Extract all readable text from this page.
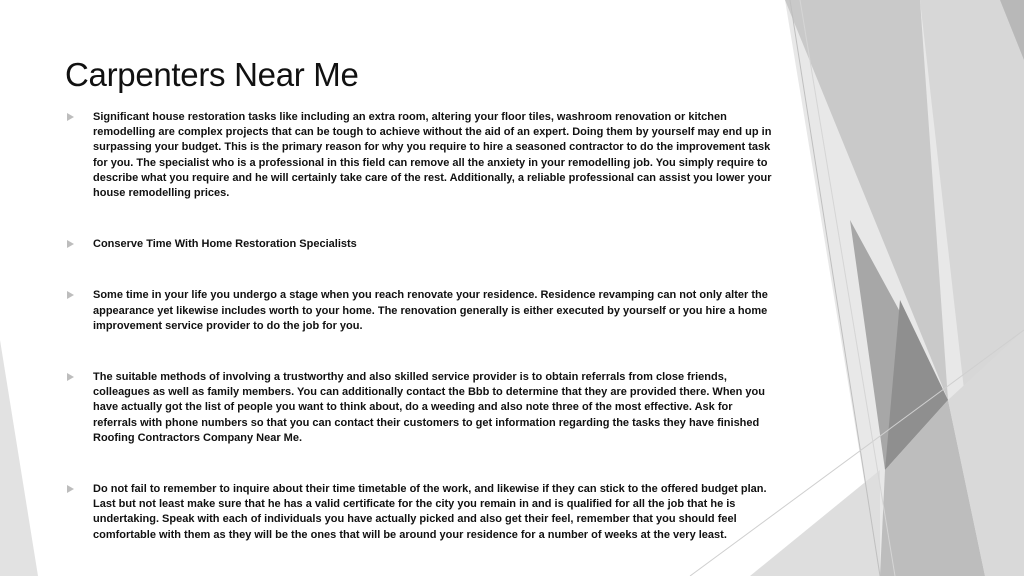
Carpenters Near Me
Significant house restoration tasks like including an extra room, altering your floor tiles, washroom renovation or kitchen remodelling are complex projects that can be tough to achieve without the aid of an expert. Doing them by yourself may end up in surpassing your budget. This is the primary reason for why you require to hire a seasoned contractor to do the improvement task for you. The specialist who is a professional in this field can remove all the anxiety in your remodelling job. You simply require to describe what you require and he will certainly take care of the rest. Additionally, a reliable professional can assist you lower your house remodelling prices.
Conserve Time With Home Restoration Specialists
Some time in your life you undergo a stage when you reach renovate your residence. Residence revamping can not only alter the appearance yet likewise includes worth to your home. The renovation generally is either executed by yourself or you hire a home improvement service provider to do the job for you.
The suitable methods of involving a trustworthy and also skilled service provider is to obtain referrals from close friends, colleagues as well as family members. You can additionally contact the Bbb to determine that they are provided there. When you have actually got the list of people you want to think about, do a weeding and also note three of the most effective. Ask for referrals with phone numbers so that you can contact their customers to get information regarding the tasks they have finished Roofing Contractors Company Near Me.
Do not fail to remember to inquire about their time timetable of the work, and likewise if they can stick to the offered budget plan. Last but not least make sure that he has a valid certificate for the city you remain in and is qualified for all the job that he is undertaking. Speak with each of individuals you have actually picked and also get their feel, remember that you should feel comfortable with them as they will be the ones that will be around your residence for a number of weeks at the very least.
